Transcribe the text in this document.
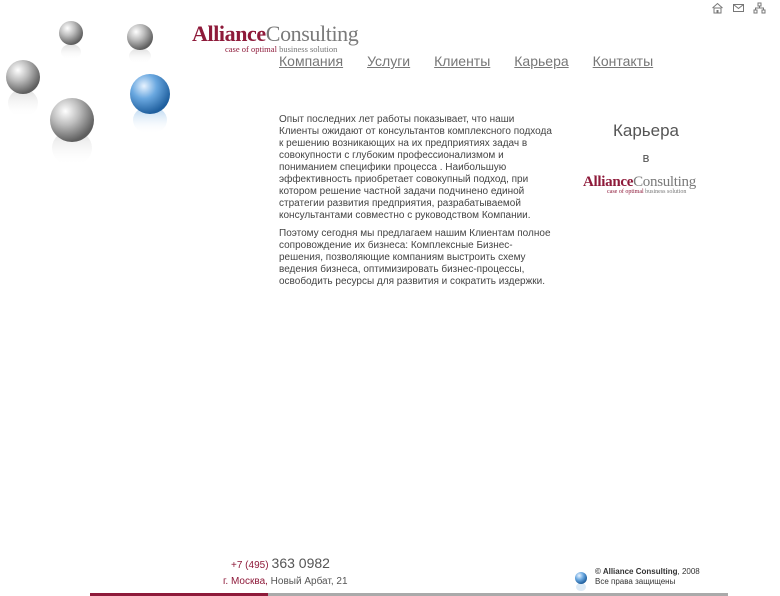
AllianceConsulting
case of optimal business solution
Компания Услуги Клиенты Карьера Контакты

Опыт последних лет работы показывает, что наши Клиенты ожидают от консультантов комплексного подхода к решению возникающих на их предприятиях задач в совокупности с глубоким профессионализмом и пониманием специфики процесса . Наибольшую эффективность приобретает совокупный подход, при котором решение частной задачи подчинено единой стратегии развития предприятия, разрабатываемой консультантами совместно с руководством Компании.

Поэтому сегодня мы предлагаем нашим Клиентам полное сопровождение их бизнеса: Комплексные Бизнес-решения, позволяющие компаниям выстроить схему ведения бизнеса, оптимизировать бизнес-процессы, освободить ресурсы для развития и сократить издержки.

Карьера
в
AllianceConsulting
case of optimal business solution
+7 (495) 363 0982
г. Москва, Новый Арбат, 21
© Alliance Consulting, 2008
Все права защищены
